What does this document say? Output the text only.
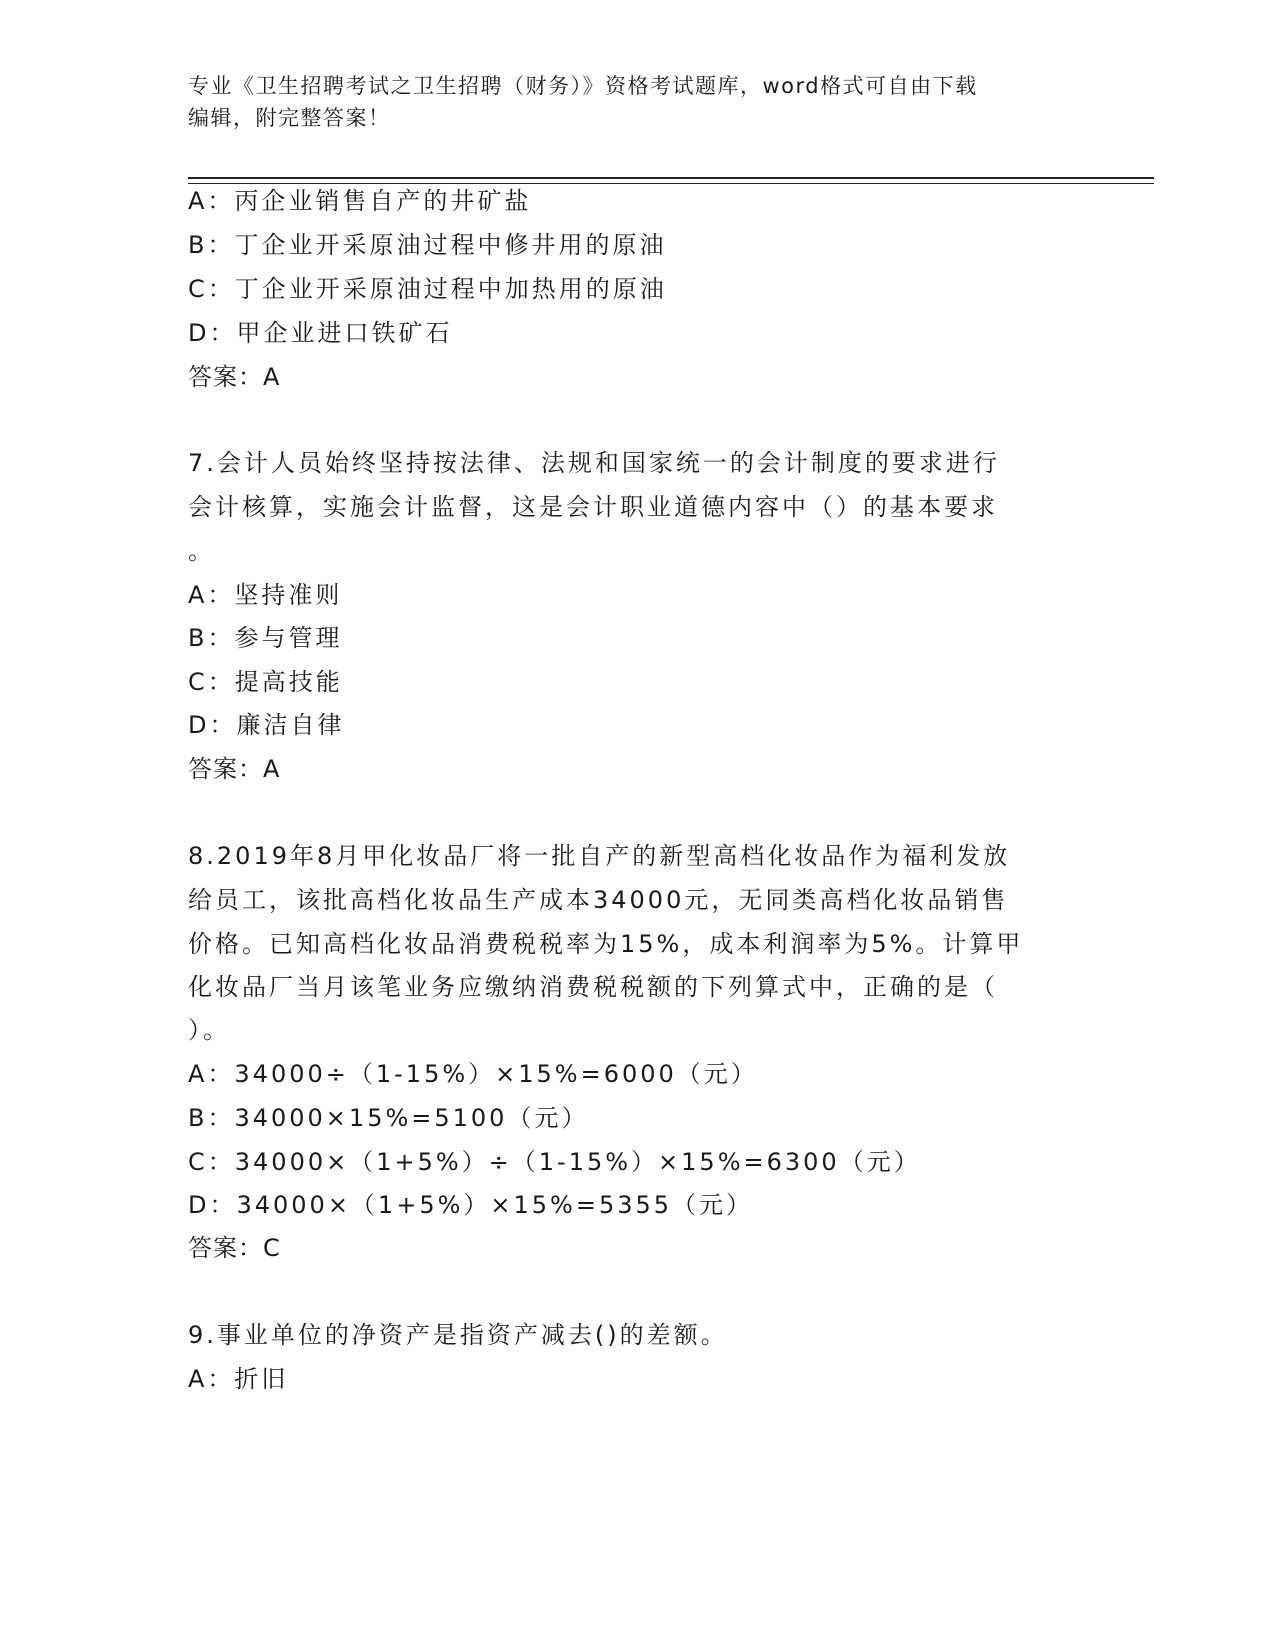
专业《卫生招聘考试之卫生招聘（财务）》资格考试题库，word格式可自由下载
编辑，附完整答案！
A：丙企业销售自产的井矿盐
B：丁企业开采原油过程中修井用的原油
C：丁企业开采原油过程中加热用的原油
D：甲企业进口铁矿石
答案：A
7.会计人员始终坚持按法律、法规和国家统一的会计制度的要求进行
会计核算，实施会计监督，这是会计职业道德内容中（）的基本要求
。
A：坚持准则
B：参与管理
C：提高技能
D：廉洁自律
答案：A
8.2019年8月甲化妆品厂将一批自产的新型高档化妆品作为福利发放
给员工，该批高档化妆品生产成本34000元，无同类高档化妆品销售
价格。已知高档化妆品消费税税率为15%，成本利润率为5%。计算甲
化妆品厂当月该笔业务应缴纳消费税税额的下列算式中，正确的是（
）。
A：34000÷（1-15%）×15%=6000（元）
B：34000×15%=5100（元）
C：34000×（1+5%）÷（1-15%）×15%=6300（元）
D：34000×（1+5%）×15%=5355（元）
答案：C
9.事业单位的净资产是指资产减去()的差额。
A：折旧
